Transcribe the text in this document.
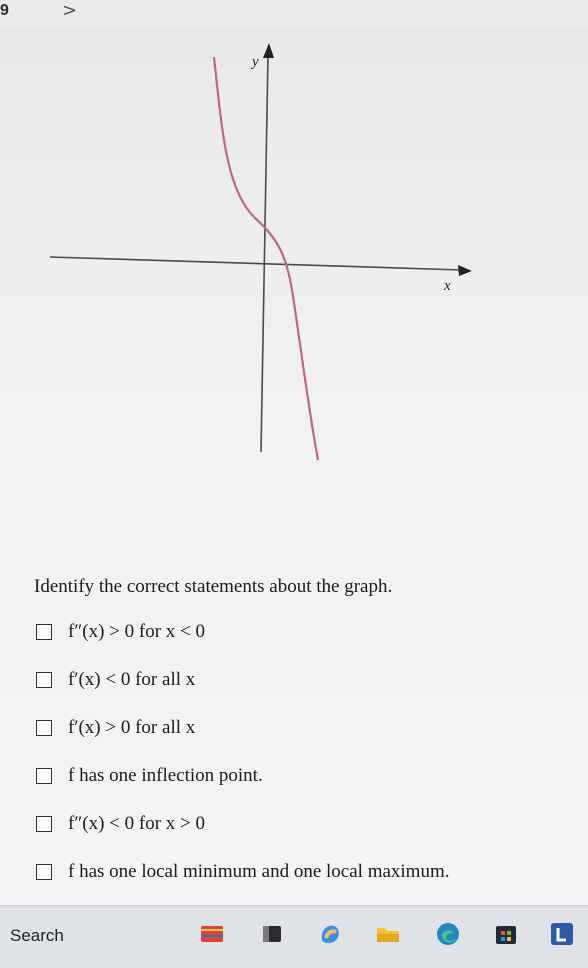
9	>
y
x
Identify the correct statements about the graph.
f″(x) > 0 for x < 0
f′(x) < 0 for all x
f′(x) > 0 for all x
f has one inflection point.
f″(x) < 0 for x > 0
f has one local minimum and one local maximum.
Search
